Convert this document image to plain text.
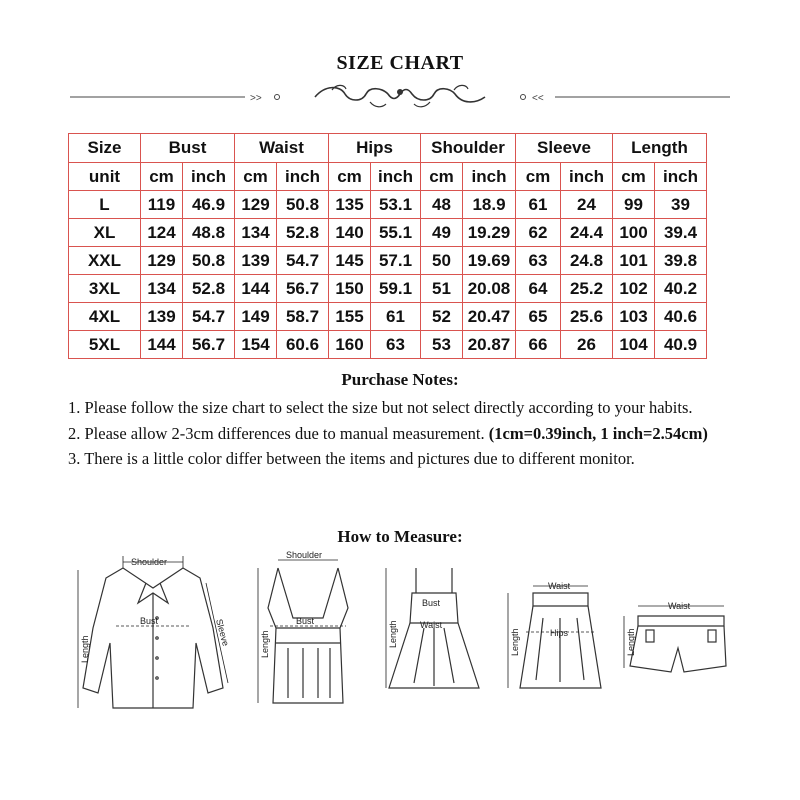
SIZE CHART
>>	<<
Size	Bust		Waist		Hips		Shoulder		Sleeve		Length	
unit	cm	inch	cm	inch	cm	inch	cm	inch	cm	inch	cm	inch
L	119	46.9	129	50.8	135	53.1	48	18.9	61	24	99	39
XL	124	48.8	134	52.8	140	55.1	49	19.29	62	24.4	100	39.4
XXL	129	50.8	139	54.7	145	57.1	50	19.69	63	24.8	101	39.8
3XL	134	52.8	144	56.7	150	59.1	51	20.08	64	25.2	102	40.2
4XL	139	54.7	149	58.7	155	61	52	20.47	65	25.6	103	40.6
5XL	144	56.7	154	60.6	160	63	53	20.87	66	26	104	40.9
Purchase Notes:

1. Please follow the size chart to select the size but not select directly according to your habits.

2. Please allow 2-3cm differences due to manual measurement. (1cm=0.39inch, 1 inch=2.54cm)

3. There is a little color differ between the items and pictures due to different monitor.

How to Measure:
Shoulder
Bust
Length
Sleeve
Shoulder
Bust
Length
Bust
Waist
Length
Waist
Hips
Length
Waist
Length
